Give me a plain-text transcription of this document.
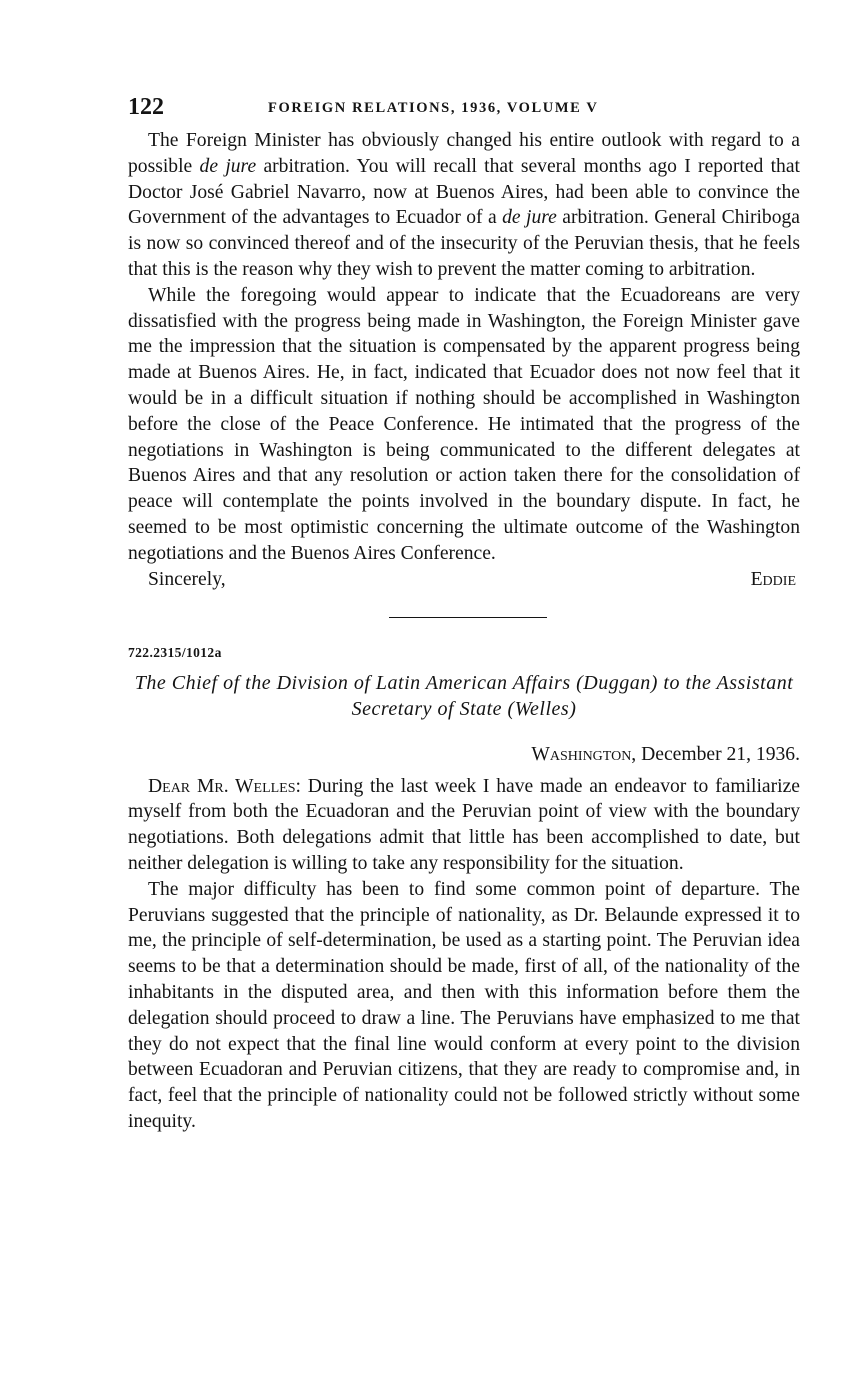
122	FOREIGN RELATIONS, 1936, VOLUME V

The Foreign Minister has obviously changed his entire outlook with regard to a possible de jure arbitration. You will recall that several months ago I reported that Doctor José Gabriel Navarro, now at Buenos Aires, had been able to convince the Government of the advantages to Ecuador of a de jure arbitration. General Chiriboga is now so convinced thereof and of the insecurity of the Peruvian thesis, that he feels that this is the reason why they wish to prevent the matter coming to arbitration.

While the foregoing would appear to indicate that the Ecuadoreans are very dissatisfied with the progress being made in Washington, the Foreign Minister gave me the impression that the situation is compensated by the apparent progress being made at Buenos Aires. He, in fact, indicated that Ecuador does not now feel that it would be in a difficult situation if nothing should be accomplished in Washington before the close of the Peace Conference. He intimated that the progress of the negotiations in Washington is being communicated to the different delegates at Buenos Aires and that any resolution or action taken there for the consolidation of peace will contemplate the points involved in the boundary dispute. In fact, he seemed to be most optimistic concerning the ultimate outcome of the Washington negotiations and the Buenos Aires Conference.

Sincerely,	Eddie
722.2315/1012a
The Chief of the Division of Latin American Affairs (Duggan) to the Assistant Secretary of State (Welles)
Washington, December 21, 1936.

Dear Mr. Welles: During the last week I have made an endeavor to familiarize myself from both the Ecuadoran and the Peruvian point of view with the boundary negotiations. Both delegations admit that little has been accomplished to date, but neither delegation is willing to take any responsibility for the situation.

The major difficulty has been to find some common point of departure. The Peruvians suggested that the principle of nationality, as Dr. Belaunde expressed it to me, the principle of self-determination, be used as a starting point. The Peruvian idea seems to be that a determination should be made, first of all, of the nationality of the inhabitants in the disputed area, and then with this information before them the delegation should proceed to draw a line. The Peruvians have emphasized to me that they do not expect that the final line would conform at every point to the division between Ecuadoran and Peruvian citizens, that they are ready to compromise and, in fact, feel that the principle of nationality could not be followed strictly without some inequity.
